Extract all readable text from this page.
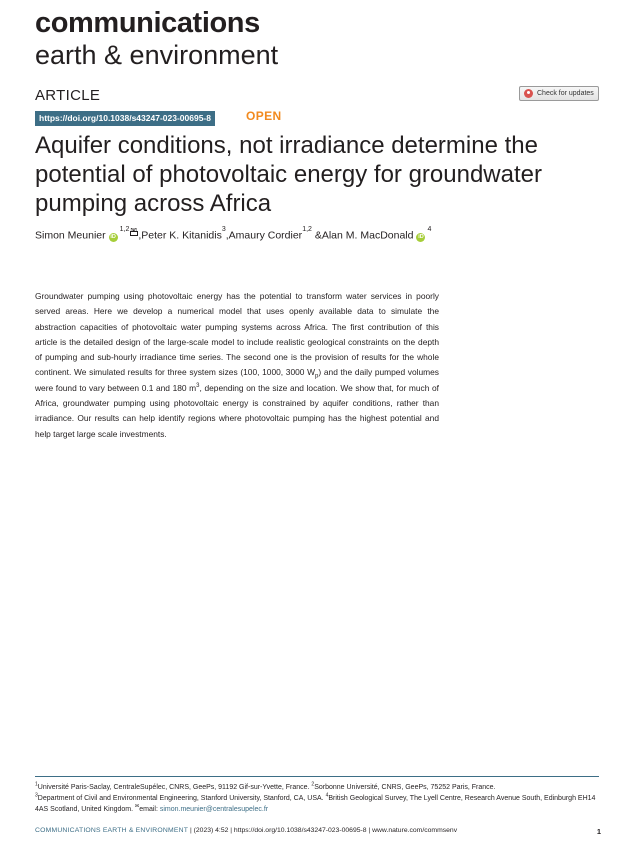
communications
earth & environment
ARTICLE	Check for updates
https://doi.org/10.1038/s43247-023-00695-8	OPEN
Aquifer conditions, not irradiance determine the potential of photovoltaic energy for groundwater pumping across Africa
Simon Meunier iD$^{1,2}$✉ , Peter K. Kitanidis$^3$, Amaury Cordier$^{1,2}$ & Alan M. MacDonald $iD^4$

Groundwater pumping using photovoltaic energy has the potential to transform water services in poorly served areas. Here we develop a numerical model that uses openly available data to simulate the abstraction capacities of photovoltaic water pumping systems across Africa. The first contribution of this article is the detailed design of the large-scale model to include realistic geological constraints on the depth of pumping and sub-hourly irradiance time series. The second one is the provision of results for the whole continent. We simulated results for three system sizes (100, 1000, 3000 $W_p$) and the daily pumped volumes were found to vary between 0.1 and 180 $m^3$, depending on the size and location. We show that, for much of Africa, groundwater pumping using photovoltaic energy is constrained by aquifer conditions, rather than irradiance. Our results can help identify regions where photovoltaic pumping has the highest potential and help target large scale investments.

$^1$Université Paris-Saclay, CentraleSupélec, CNRS, GeePs, 91192 Gif-sur-Yvette, France. $^2$Sorbonne Université, CNRS, GeePs, 75252 Paris, France.
$^3$Department of Civil and Environmental Engineering, Stanford University, Stanford, CA, USA. $^4$British Geological Survey, The Lyell Centre, Research Avenue South, Edinburgh EH14 4AS Scotland, United Kingdom. ✉email: simon.meunier@centralesupelec.fr

COMMUNICATIONS EARTH & ENVIRONMENT | (2023) 4:52 | https://doi.org/10.1038/s43247-023-00695-8 | www.nature.com/commsenv	1
